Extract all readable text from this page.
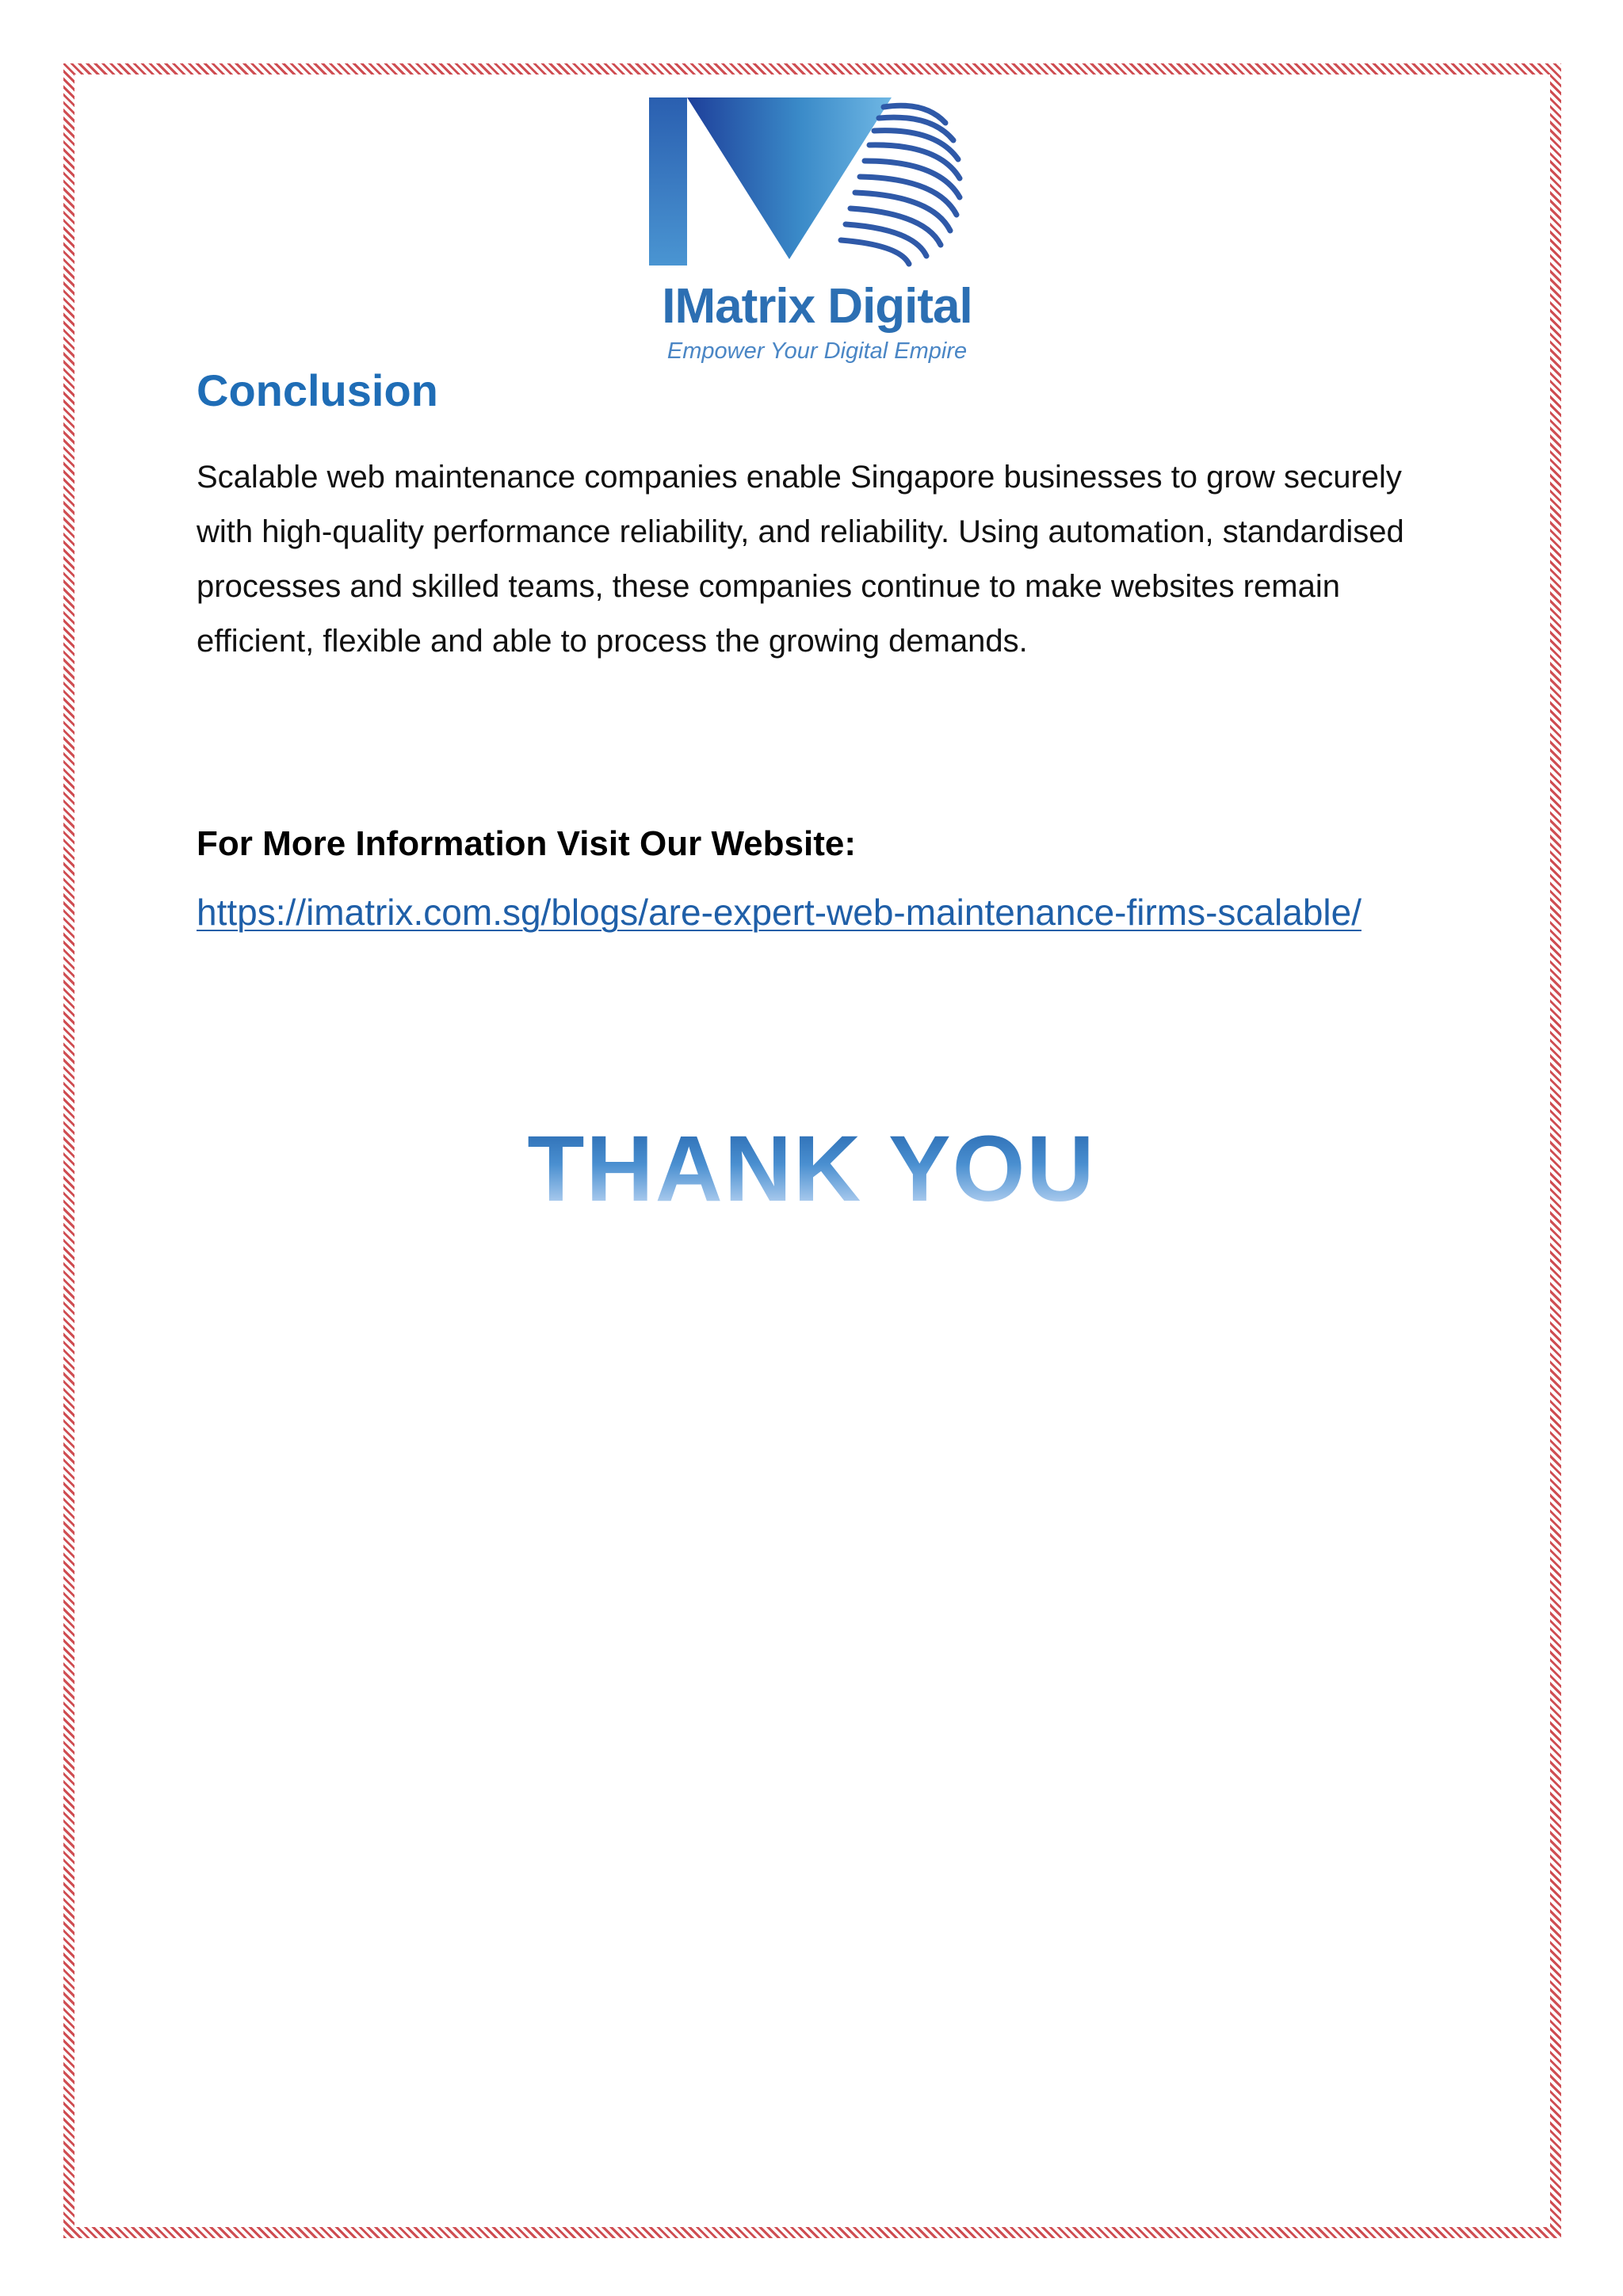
IMatrix Digital
Empower Your Digital Empire
Conclusion

Scalable web maintenance companies enable Singapore businesses to grow securely with high-quality performance reliability, and reliability. Using automation, standardised processes and skilled teams, these companies continue to make websites remain efficient, flexible and able to process the growing demands.

For More Information Visit Our Website:

https://imatrix.com.sg/blogs/are-expert-web-maintenance-firms-scalable/
THANK YOU
